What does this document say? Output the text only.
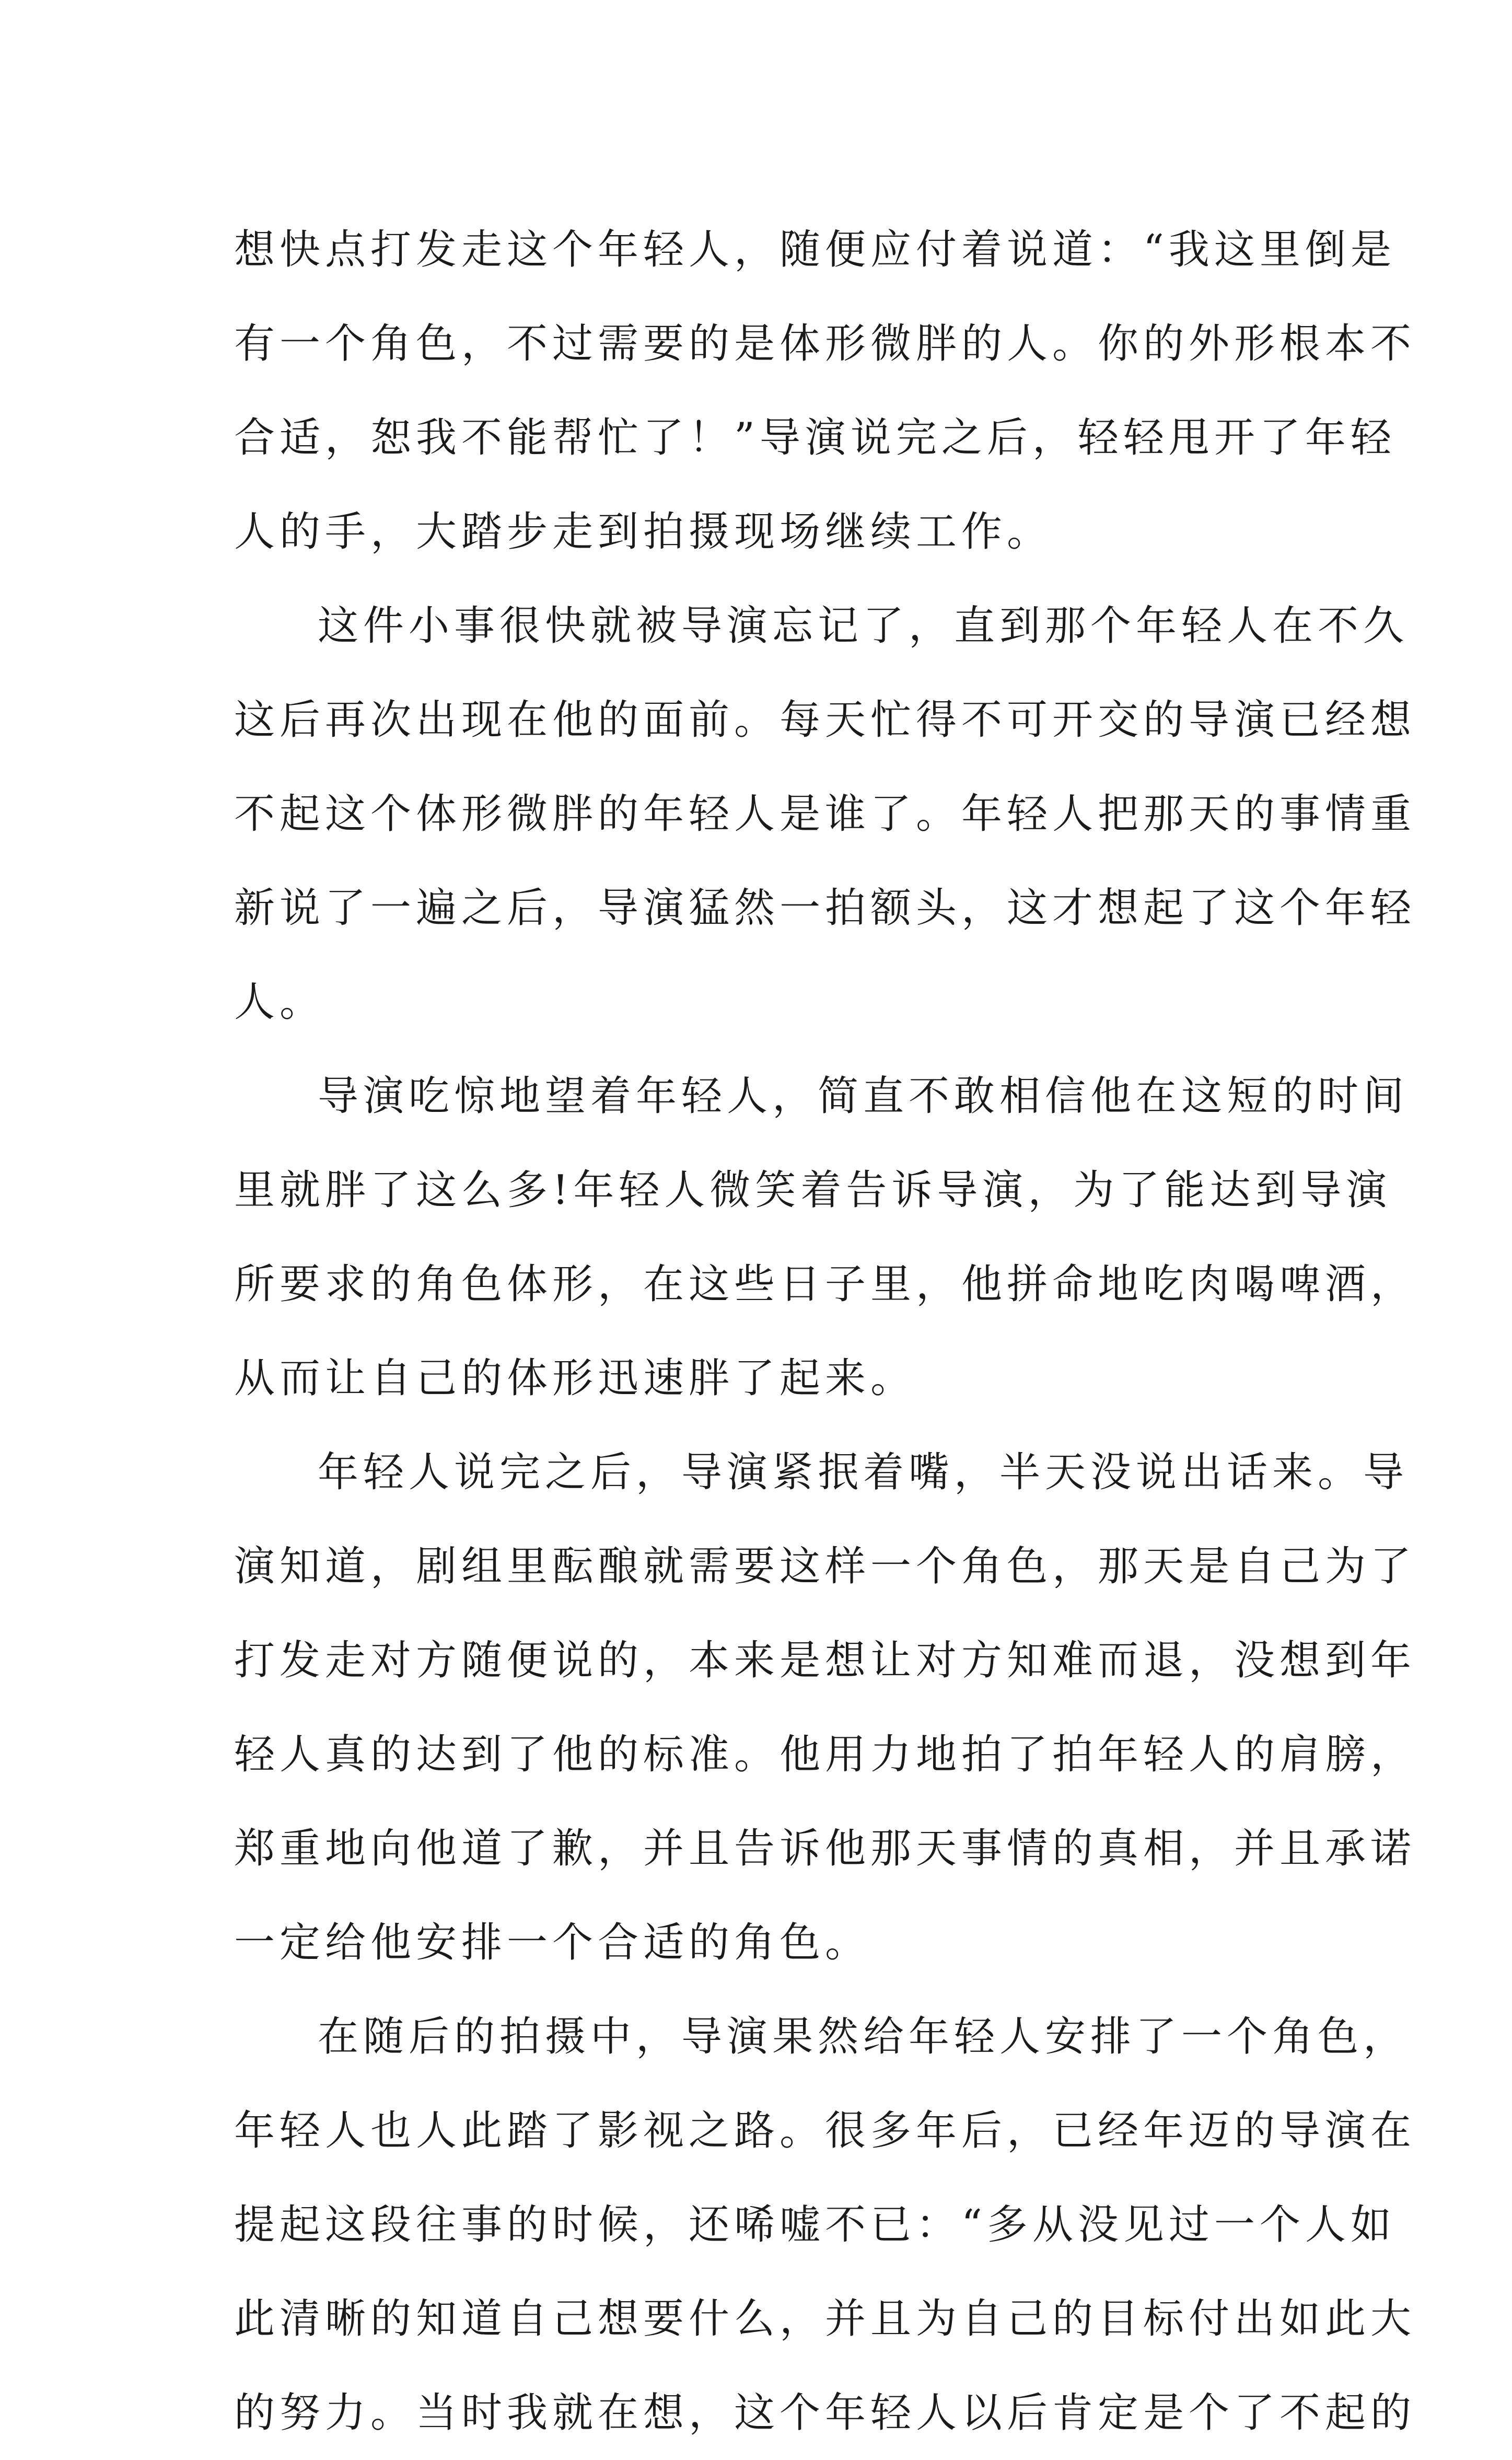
想快点打发走这个年轻人，随便应付着说道：“我这里倒是
有一个角色，不过需要的是体形微胖的人。你的外形根本不
合适，恕我不能帮忙了！”导演说完之后，轻轻甩开了年轻
人的手，大踏步走到拍摄现场继续工作。
这件小事很快就被导演忘记了，直到那个年轻人在不久
这后再次出现在他的面前。每天忙得不可开交的导演已经想
不起这个体形微胖的年轻人是谁了。年轻人把那天的事情重
新说了一遍之后，导演猛然一拍额头，这才想起了这个年轻
人。
导演吃惊地望着年轻人，简直不敢相信他在这短的时间
里就胖了这么多!年轻人微笑着告诉导演，为了能达到导演
所要求的角色体形，在这些日子里，他拼命地吃肉喝啤酒，
从而让自己的体形迅速胖了起来。
年轻人说完之后，导演紧抿着嘴，半天没说出话来。导
演知道，剧组里酝酿就需要这样一个角色，那天是自己为了
打发走对方随便说的，本来是想让对方知难而退，没想到年
轻人真的达到了他的标准。他用力地拍了拍年轻人的肩膀，
郑重地向他道了歉，并且告诉他那天事情的真相，并且承诺
一定给他安排一个合适的角色。
在随后的拍摄中，导演果然给年轻人安排了一个角色，
年轻人也人此踏了影视之路。很多年后，已经年迈的导演在
提起这段往事的时候，还唏嘘不已：“多从没见过一个人如
此清晰的知道自己想要什么，并且为自己的目标付出如此大
的努力。当时我就在想，这个年轻人以后肯定是个了不起的
